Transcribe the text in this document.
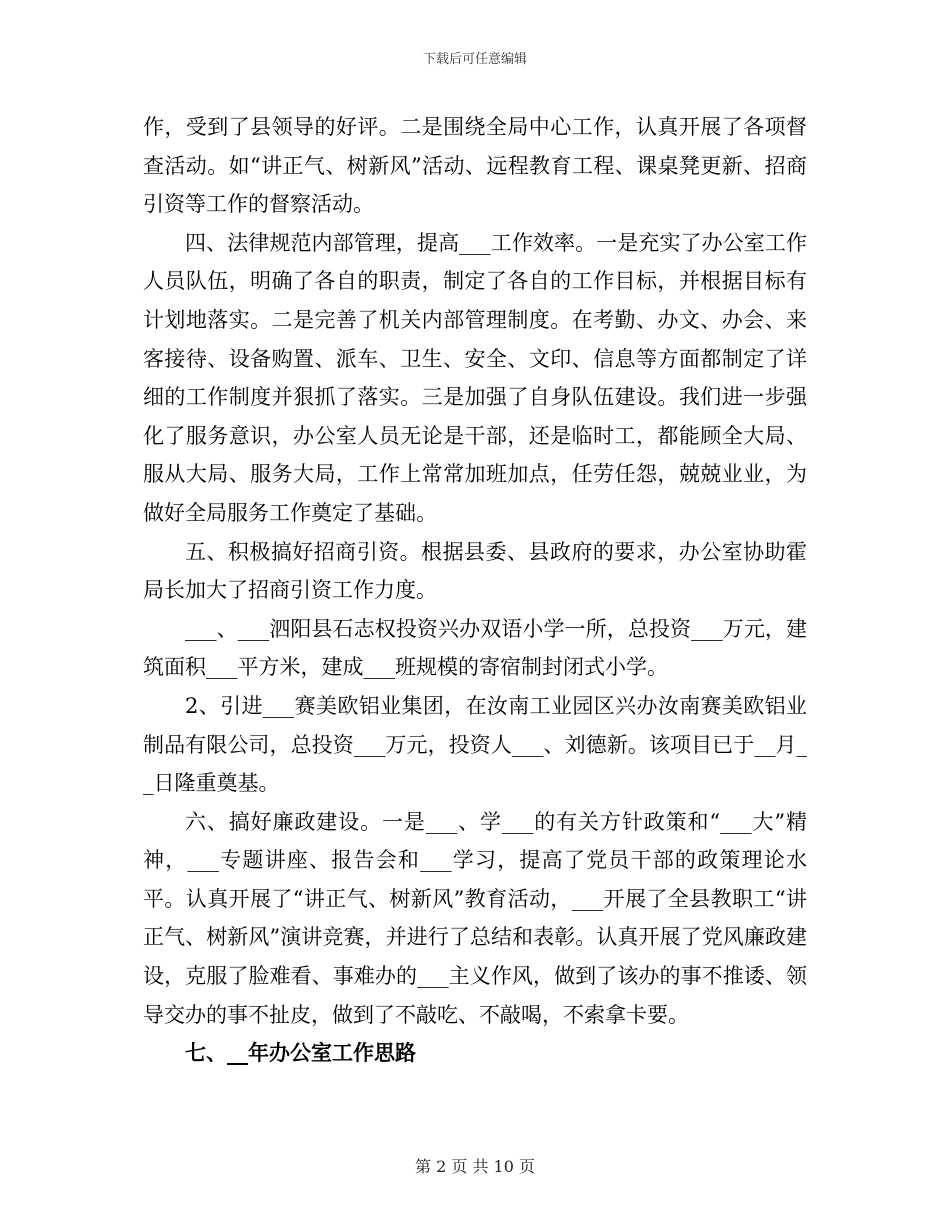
下载后可任意编辑

作，受到了县领导的好评。二是围绕全局中心工作，认真开展了各项督查活动。如“讲正气、树新风”活动、远程教育工程、课桌凳更新、招商引资等工作的督察活动。

四、法律规范内部管理，提高___工作效率。一是充实了办公室工作人员队伍，明确了各自的职责，制定了各自的工作目标，并根据目标有计划地落实。二是完善了机关内部管理制度。在考勤、办文、办会、来客接待、设备购置、派车、卫生、安全、文印、信息等方面都制定了详细的工作制度并狠抓了落实。三是加强了自身队伍建设。我们进一步强化了服务意识，办公室人员无论是干部，还是临时工，都能顾全大局、服从大局、服务大局，工作上常常加班加点，任劳任怨，兢兢业业，为做好全局服务工作奠定了基础。

五、积极搞好招商引资。根据县委、县政府的要求，办公室协助霍局长加大了招商引资工作力度。

___、___泗阳县石志权投资兴办双语小学一所，总投资___万元，建筑面积___平方米，建成___班规模的寄宿制封闭式小学。

2、引进___赛美欧铝业集团，在汝南工业园区兴办汝南赛美欧铝业制品有限公司，总投资___万元，投资人___、刘德新。该项目已于__月__日隆重奠基。

六、搞好廉政建设。一是___、学___的有关方针政策和“___大”精神，___专题讲座、报告会和___学习，提高了党员干部的政策理论水平。认真开展了“讲正气、树新风”教育活动，___开展了全县教职工“讲正气、树新风”演讲竞赛，并进行了总结和表彰。认真开展了党风廉政建设，克服了脸难看、事难办的___主义作风，做到了该办的事不推诿、领导交办的事不扯皮，做到了不敲吃、不敲喝，不索拿卡要。

七、__年办公室工作思路

第 2 页 共 10 页
